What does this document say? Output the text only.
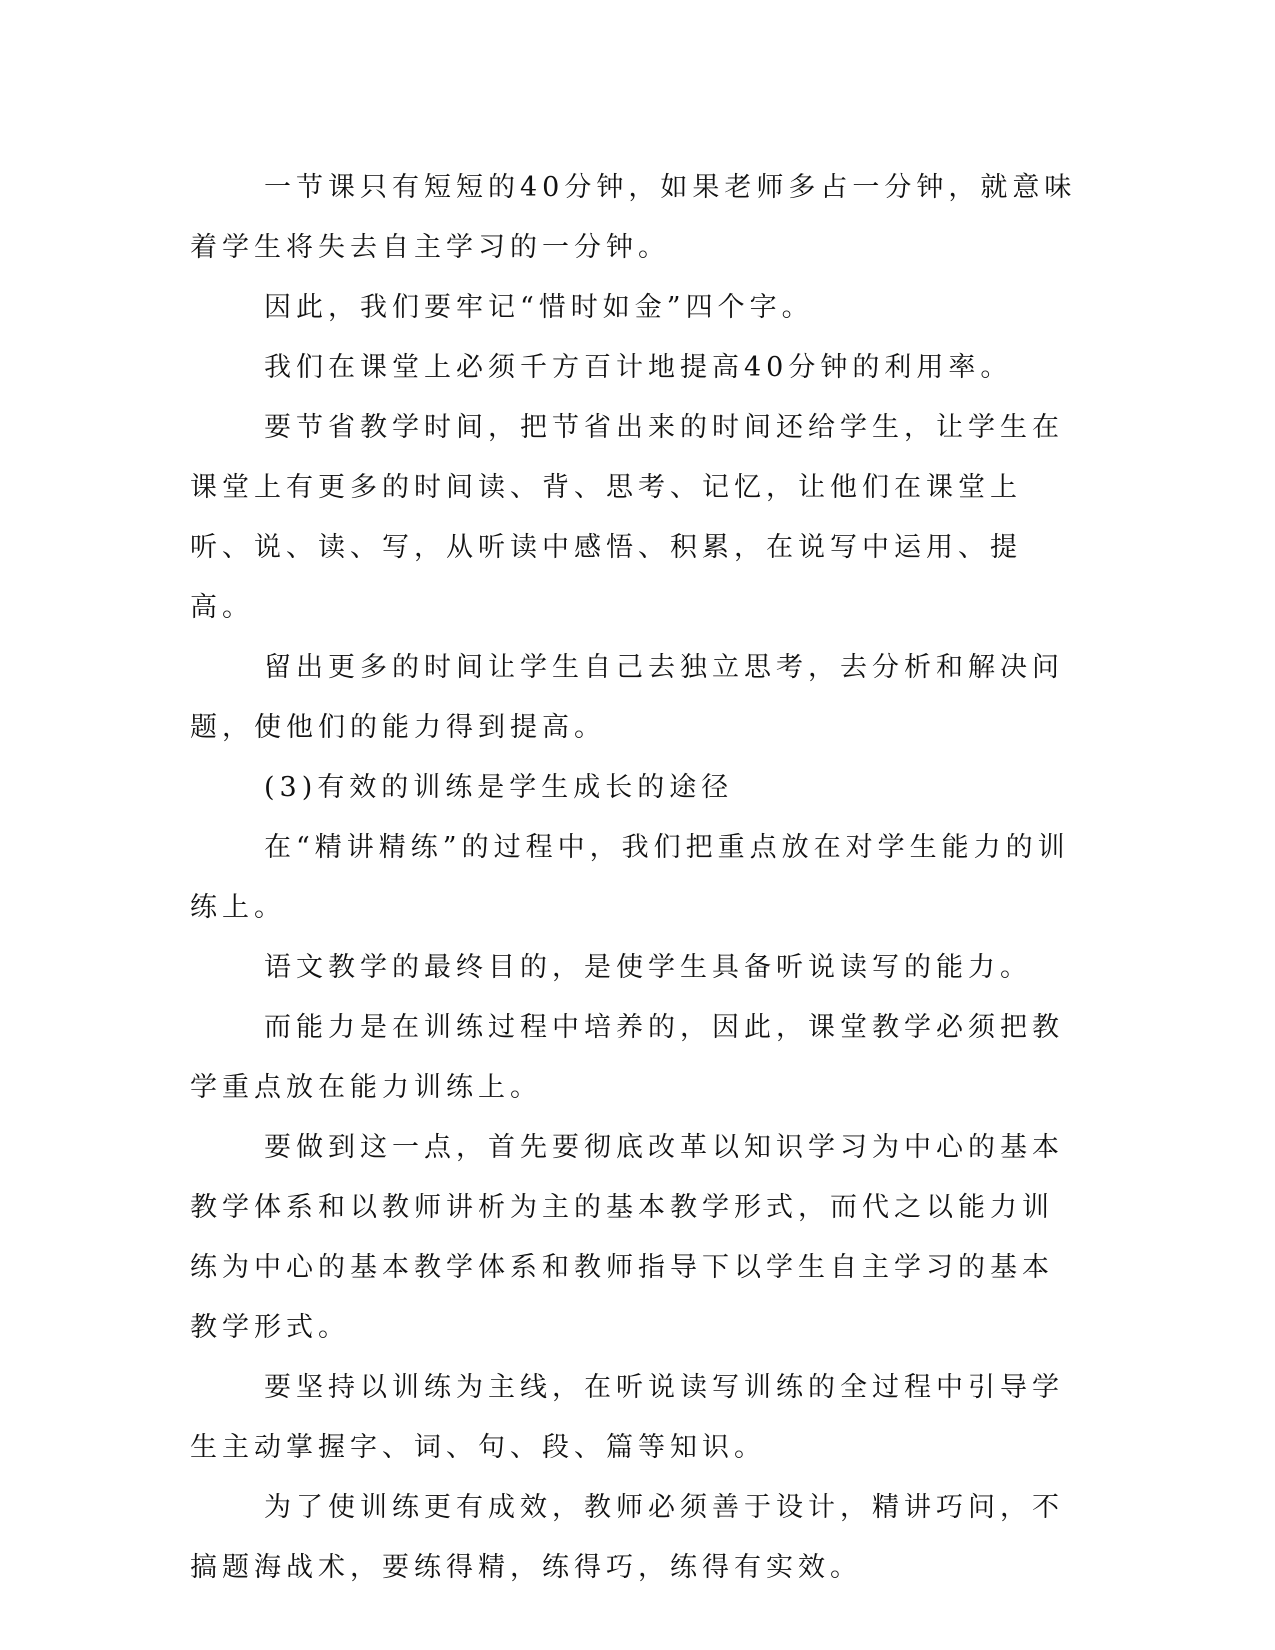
一节课只有短短的40分钟，如果老师多占一分钟，就意味着学生将失去自主学习的一分钟。

因此，我们要牢记“惜时如金”四个字。

我们在课堂上必须千方百计地提高40分钟的利用率。

要节省教学时间，把节省出来的时间还给学生，让学生在课堂上有更多的时间读、背、思考、记忆，让他们在课堂上听、说、读、写，从听读中感悟、积累，在说写中运用、提高。

留出更多的时间让学生自己去独立思考，去分析和解决问题，使他们的能力得到提高。

(3)有效的训练是学生成长的途径

在“精讲精练”的过程中，我们把重点放在对学生能力的训练上。

语文教学的最终目的，是使学生具备听说读写的能力。

而能力是在训练过程中培养的，因此，课堂教学必须把教学重点放在能力训练上。

要做到这一点，首先要彻底改革以知识学习为中心的基本教学体系和以教师讲析为主的基本教学形式，而代之以能力训练为中心的基本教学体系和教师指导下以学生自主学习的基本教学形式。

要坚持以训练为主线，在听说读写训练的全过程中引导学生主动掌握字、词、句、段、篇等知识。

为了使训练更有成效，教师必须善于设计，精讲巧问，不搞题海战术，要练得精，练得巧，练得有实效。
